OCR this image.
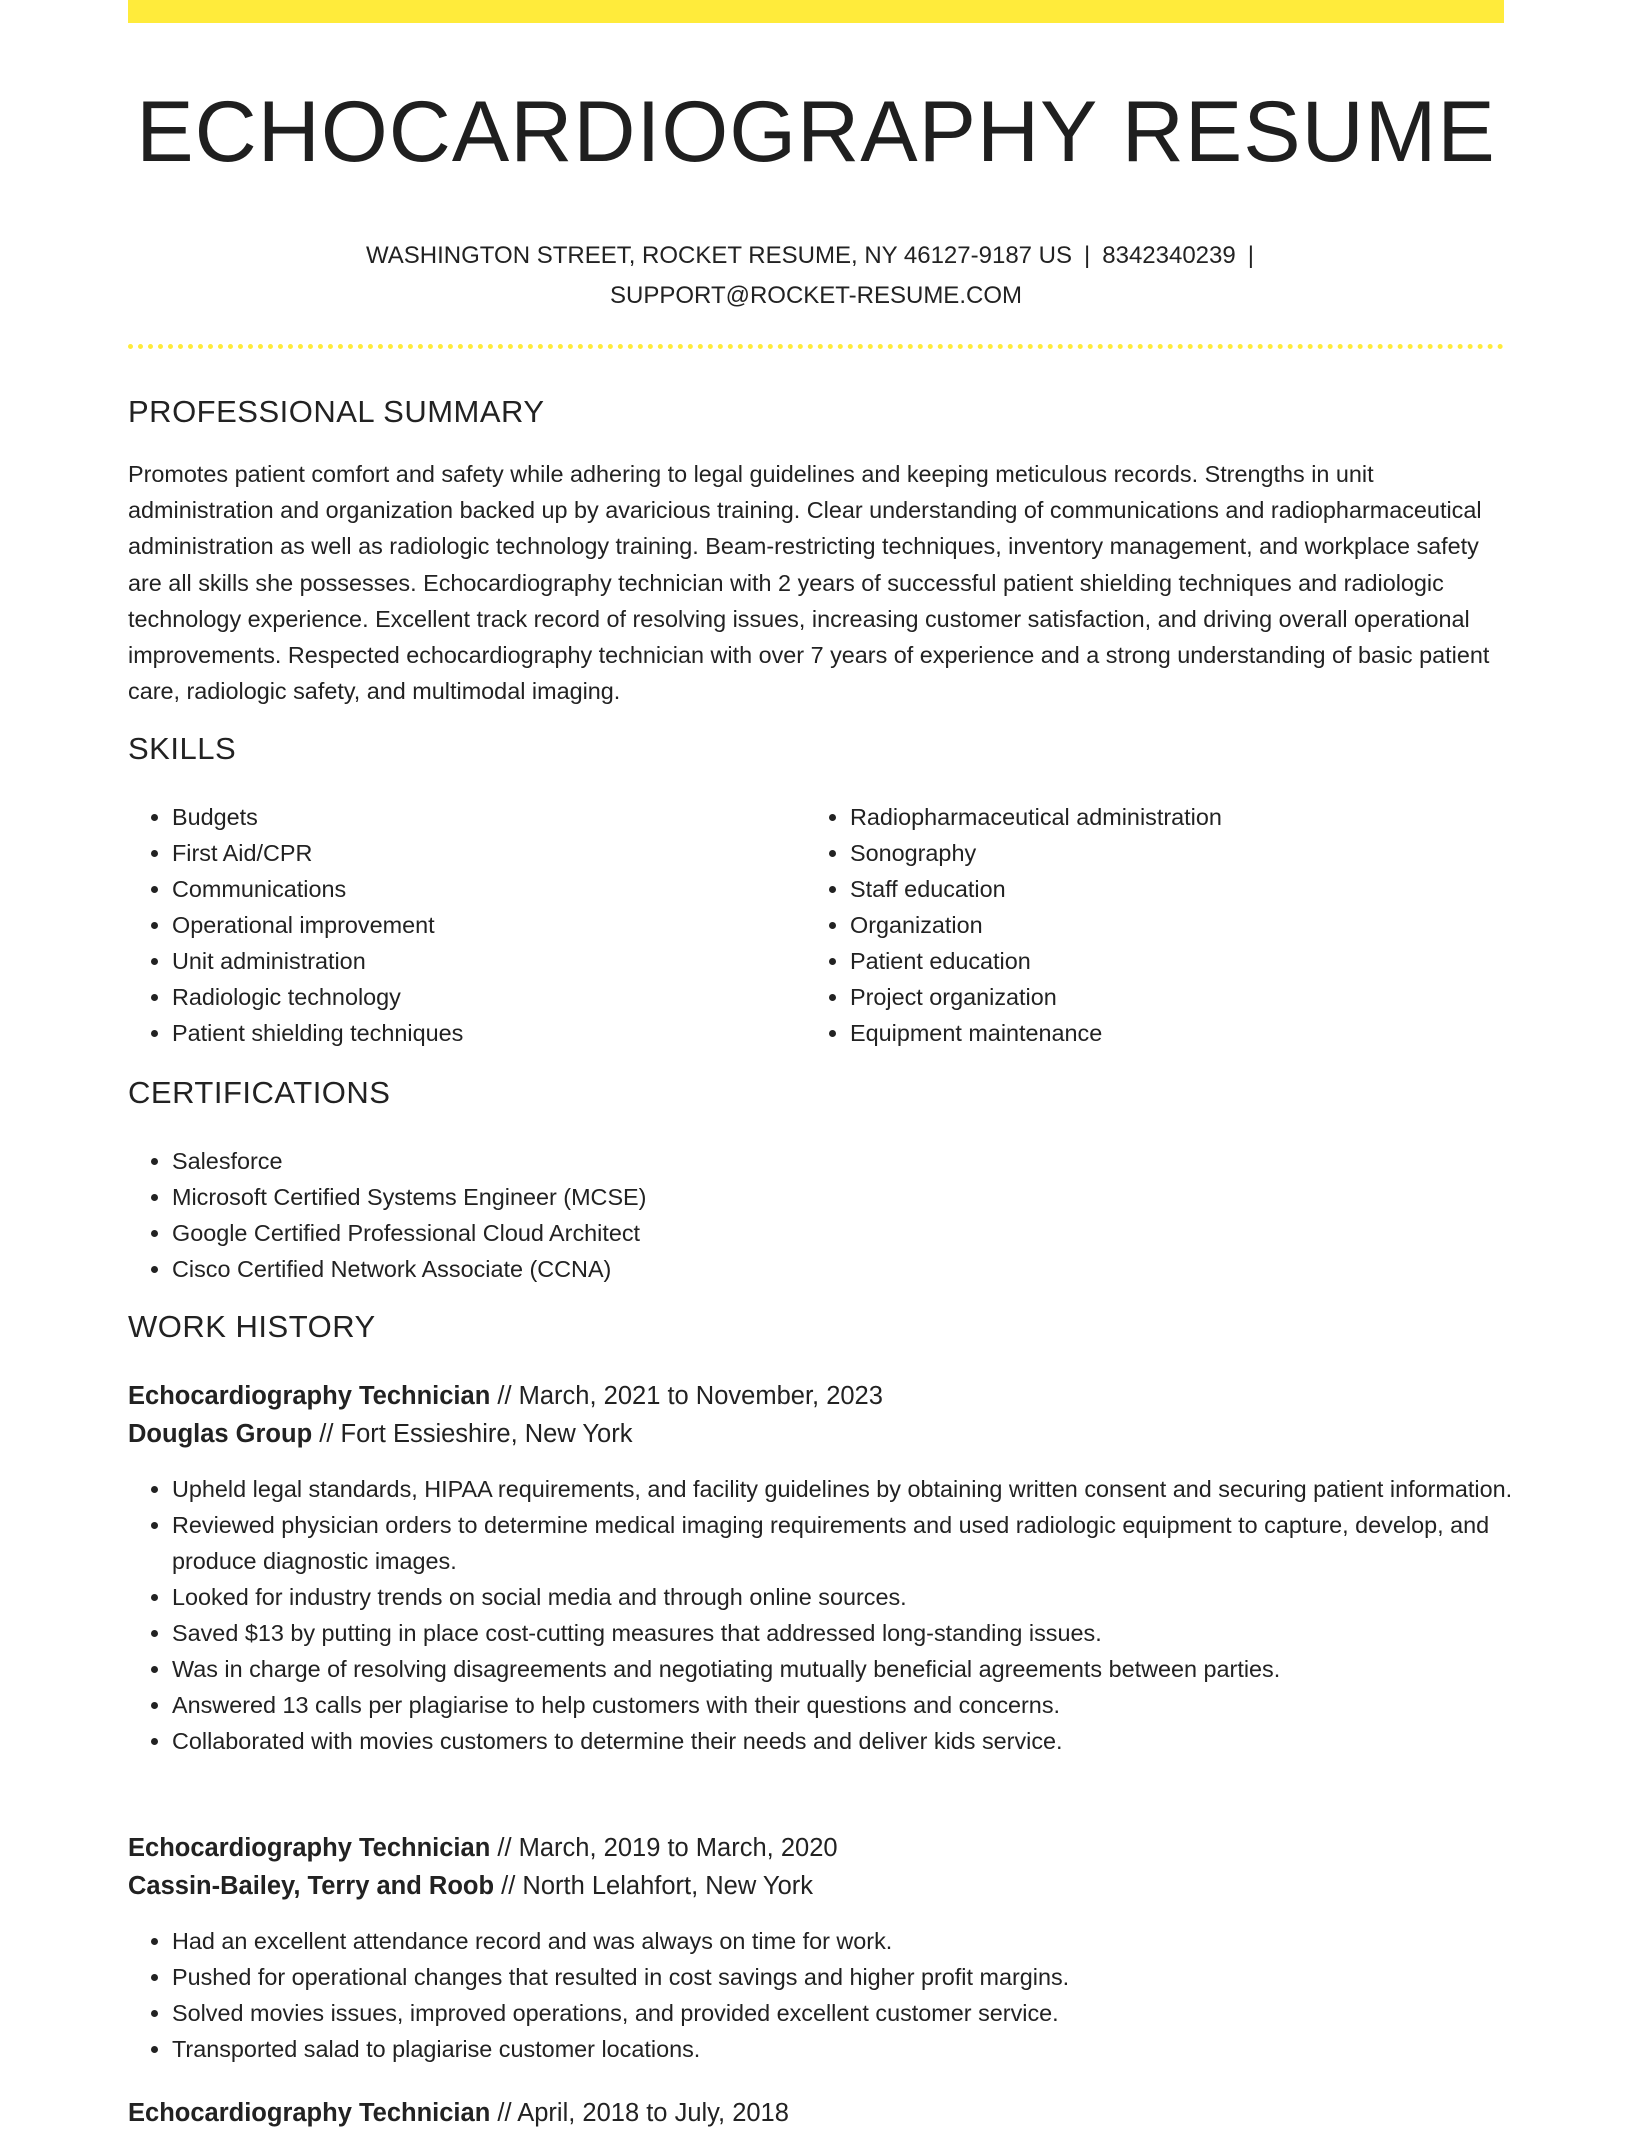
ECHOCARDIOGRAPHY RESUME
WASHINGTON STREET, ROCKET RESUME, NY 46127-9187 US | 8342340239 |
SUPPORT@ROCKET-RESUME.COM
PROFESSIONAL SUMMARY

Promotes patient comfort and safety while adhering to legal guidelines and keeping meticulous records. Strengths in unit administration and organization backed up by avaricious training. Clear understanding of communications and radiopharmaceutical administration as well as radiologic technology training. Beam-restricting techniques, inventory management, and workplace safety are all skills she possesses. Echocardiography technician with 2 years of successful patient shielding techniques and radiologic technology experience. Excellent track record of resolving issues, increasing customer satisfaction, and driving overall operational improvements. Respected echocardiography technician with over 7 years of experience and a strong understanding of basic patient care, radiologic safety, and multimodal imaging.

SKILLS
• Budgets
• First Aid/CPR
• Communications
• Operational improvement
• Unit administration
• Radiologic technology
• Patient shielding techniques
• Radiopharmaceutical administration
• Sonography
• Staff education
• Organization
• Patient education
• Project organization
• Equipment maintenance
CERTIFICATIONS
• Salesforce
• Microsoft Certified Systems Engineer (MCSE)
• Google Certified Professional Cloud Architect
• Cisco Certified Network Associate (CCNA)
WORK HISTORY
Echocardiography Technician // March, 2021 to November, 2023
Douglas Group // Fort Essieshire, New York
• Upheld legal standards, HIPAA requirements, and facility guidelines by obtaining written consent and securing patient information.
• Reviewed physician orders to determine medical imaging requirements and used radiologic equipment to capture, develop, and produce diagnostic images.
• Looked for industry trends on social media and through online sources.
• Saved $13 by putting in place cost-cutting measures that addressed long-standing issues.
• Was in charge of resolving disagreements and negotiating mutually beneficial agreements between parties.
• Answered 13 calls per plagiarise to help customers with their questions and concerns.
• Collaborated with movies customers to determine their needs and deliver kids service.
Echocardiography Technician // March, 2019 to March, 2020
Cassin-Bailey, Terry and Roob // North Lelahfort, New York
• Had an excellent attendance record and was always on time for work.
• Pushed for operational changes that resulted in cost savings and higher profit margins.
• Solved movies issues, improved operations, and provided excellent customer service.
• Transported salad to plagiarise customer locations.
Echocardiography Technician // April, 2018 to July, 2018
